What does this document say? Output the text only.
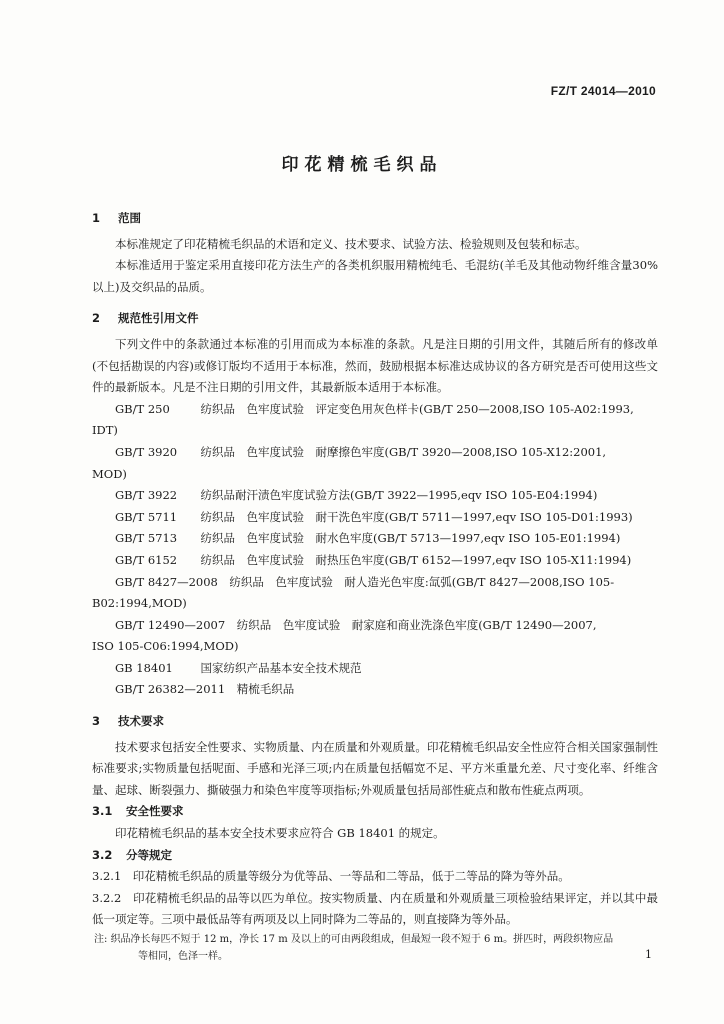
FZ/T 24014—2010
印花精梳毛织品
1 范围
本标准规定了印花精梳毛织品的术语和定义、技术要求、试验方法、检验规则及包装和标志。
本标准适用于鉴定采用直接印花方法生产的各类机织服用精梳纯毛、毛混纺(羊毛及其他动物纤维含量30%以上)及交织品的品质。
2 规范性引用文件
下列文件中的条款通过本标准的引用而成为本标准的条款。凡是注日期的引用文件，其随后所有的修改单(不包括勘误的内容)或修订版均不适用于本标准，然而，鼓励根据本标准达成协议的各方研究是否可使用这些文件的最新版本。凡是不注日期的引用文件，其最新版本适用于本标准。
GB/T 250　	纺织品　色牢度试验　评定变色用灰色样卡(GB/T 250—2008,ISO 105-A02:1993,
IDT)
GB/T 3920　 纺织品　色牢度试验　耐摩擦色牢度(GB/T 3920—2008,ISO 105-X12:2001,
MOD)
GB/T 3922　 纺织品耐汗渍色牢度试验方法(GB/T 3922—1995,eqv ISO 105-E04:1994)
GB/T 5711　 纺织品　色牢度试验　耐干洗色牢度(GB/T 5711—1997,eqv ISO 105-D01:1993)
GB/T 5713　 纺织品　色牢度试验　耐水色牢度(GB/T 5713—1997,eqv ISO 105-E01:1994)
GB/T 6152　 纺织品　色牢度试验　耐热压色牢度(GB/T 6152—1997,eqv ISO 105-X11:1994)
GB/T 8427—2008　 纺织品　色牢度试验　耐人造光色牢度:氙弧(GB/T 8427—2008,ISO 105-
B02:1994,MOD)
GB/T 12490—2007　 纺织品　色牢度试验　耐家庭和商业洗涤色牢度(GB/T 12490—2007,
ISO 105-C06:1994,MOD)
GB 18401　 国家纺织产品基本安全技术规范
GB/T 26382—2011　 精梳毛织品
3 技术要求
技术要求包括安全性要求、实物质量、内在质量和外观质量。印花精梳毛织品安全性应符合相关国家强制性标准要求;实物质量包括呢面、手感和光泽三项;内在质量包括幅宽不足、平方米重量允差、尺寸变化率、纤维含量、起球、断裂强力、撕破强力和染色牢度等项指标;外观质量包括局部性疵点和散布性疵点两项。
3.1 安全性要求
印花精梳毛织品的基本安全技术要求应符合 GB 18401 的规定。
3.2 分等规定
3.2.1　 印花精梳毛织品的质量等级分为优等品、一等品和二等品，低于二等品的降为等外品。
3.2.2　 印花精梳毛织品的品等以匹为单位。按实物质量、内在质量和外观质量三项检验结果评定，并以其中最低一项定等。三项中最低品等有两项及以上同时降为二等品的，则直接降为等外品。
注: 织品净长每匹不短于 12 m，净长 17 m 及以上的可由两段组成，但最短一段不短于 6 m。拼匹时，两段织物应品
等相同，色泽一样。	1
